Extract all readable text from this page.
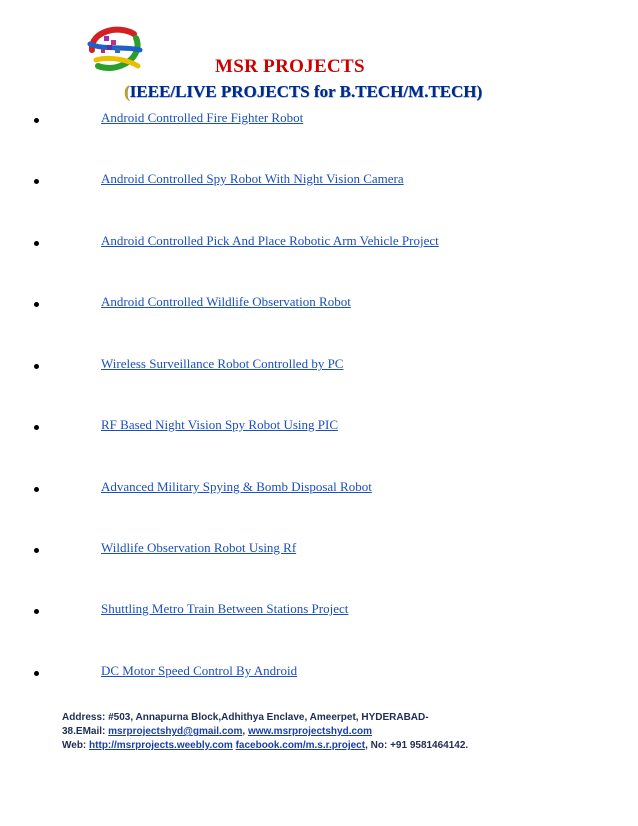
MSR PROJECTS
(IEEE/LIVE PROJECTS for B.TECH/M.TECH)
Android Controlled Fire Fighter Robot
Android Controlled Spy Robot With Night Vision Camera
Android Controlled Pick And Place Robotic Arm Vehicle Project
Android Controlled Wildlife Observation Robot
Wireless Surveillance Robot Controlled by PC
RF Based Night Vision Spy Robot Using PIC
Advanced Military Spying & Bomb Disposal Robot
Wildlife Observation Robot Using Rf
Shuttling Metro Train Between Stations Project
DC Motor Speed Control By Android
Address: #503, Annapurna Block,Adhithya Enclave, Ameerpet, HYDERABAD-
38.EMail: msrprojectshyd@gmail.com, www.msrprojectshyd.com
Web: http://msrprojects.weebly.com facebook.com/m.s.r.project, No: +91 9581464142.
